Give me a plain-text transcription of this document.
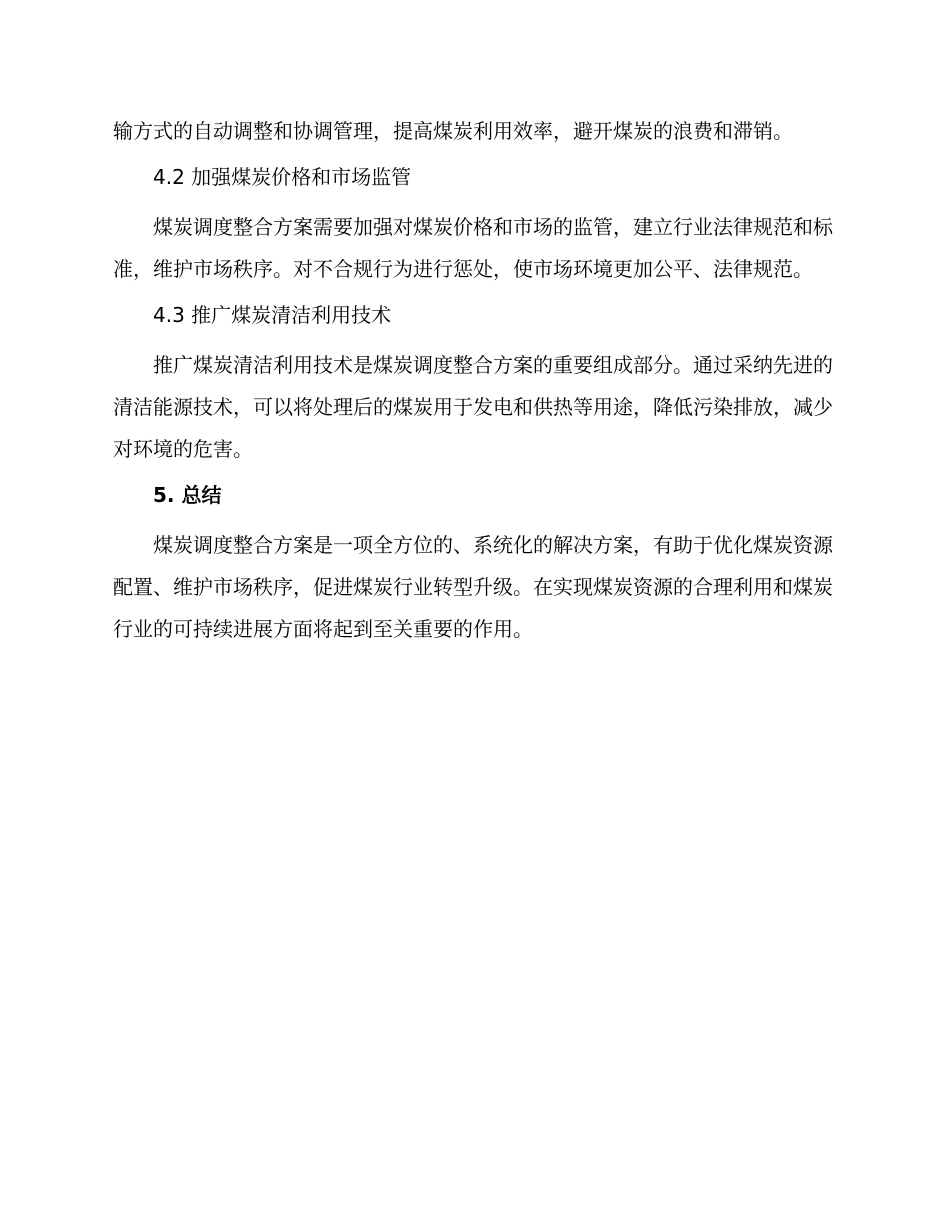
输方式的自动调整和协调管理，提高煤炭利用效率，避开煤炭的浪费和滞销。

4.2 加强煤炭价格和市场监管

煤炭调度整合方案需要加强对煤炭价格和市场的监管，建立行业法律规范和标准，维护市场秩序。对不合规行为进行惩处，使市场环境更加公平、法律规范。

4.3 推广煤炭清洁利用技术

推广煤炭清洁利用技术是煤炭调度整合方案的重要组成部分。通过采纳先进的清洁能源技术，可以将处理后的煤炭用于发电和供热等用途，降低污染排放，减少对环境的危害。

5. 总结

煤炭调度整合方案是一项全方位的、系统化的解决方案，有助于优化煤炭资源配置、维护市场秩序，促进煤炭行业转型升级。在实现煤炭资源的合理利用和煤炭行业的可持续进展方面将起到至关重要的作用。
